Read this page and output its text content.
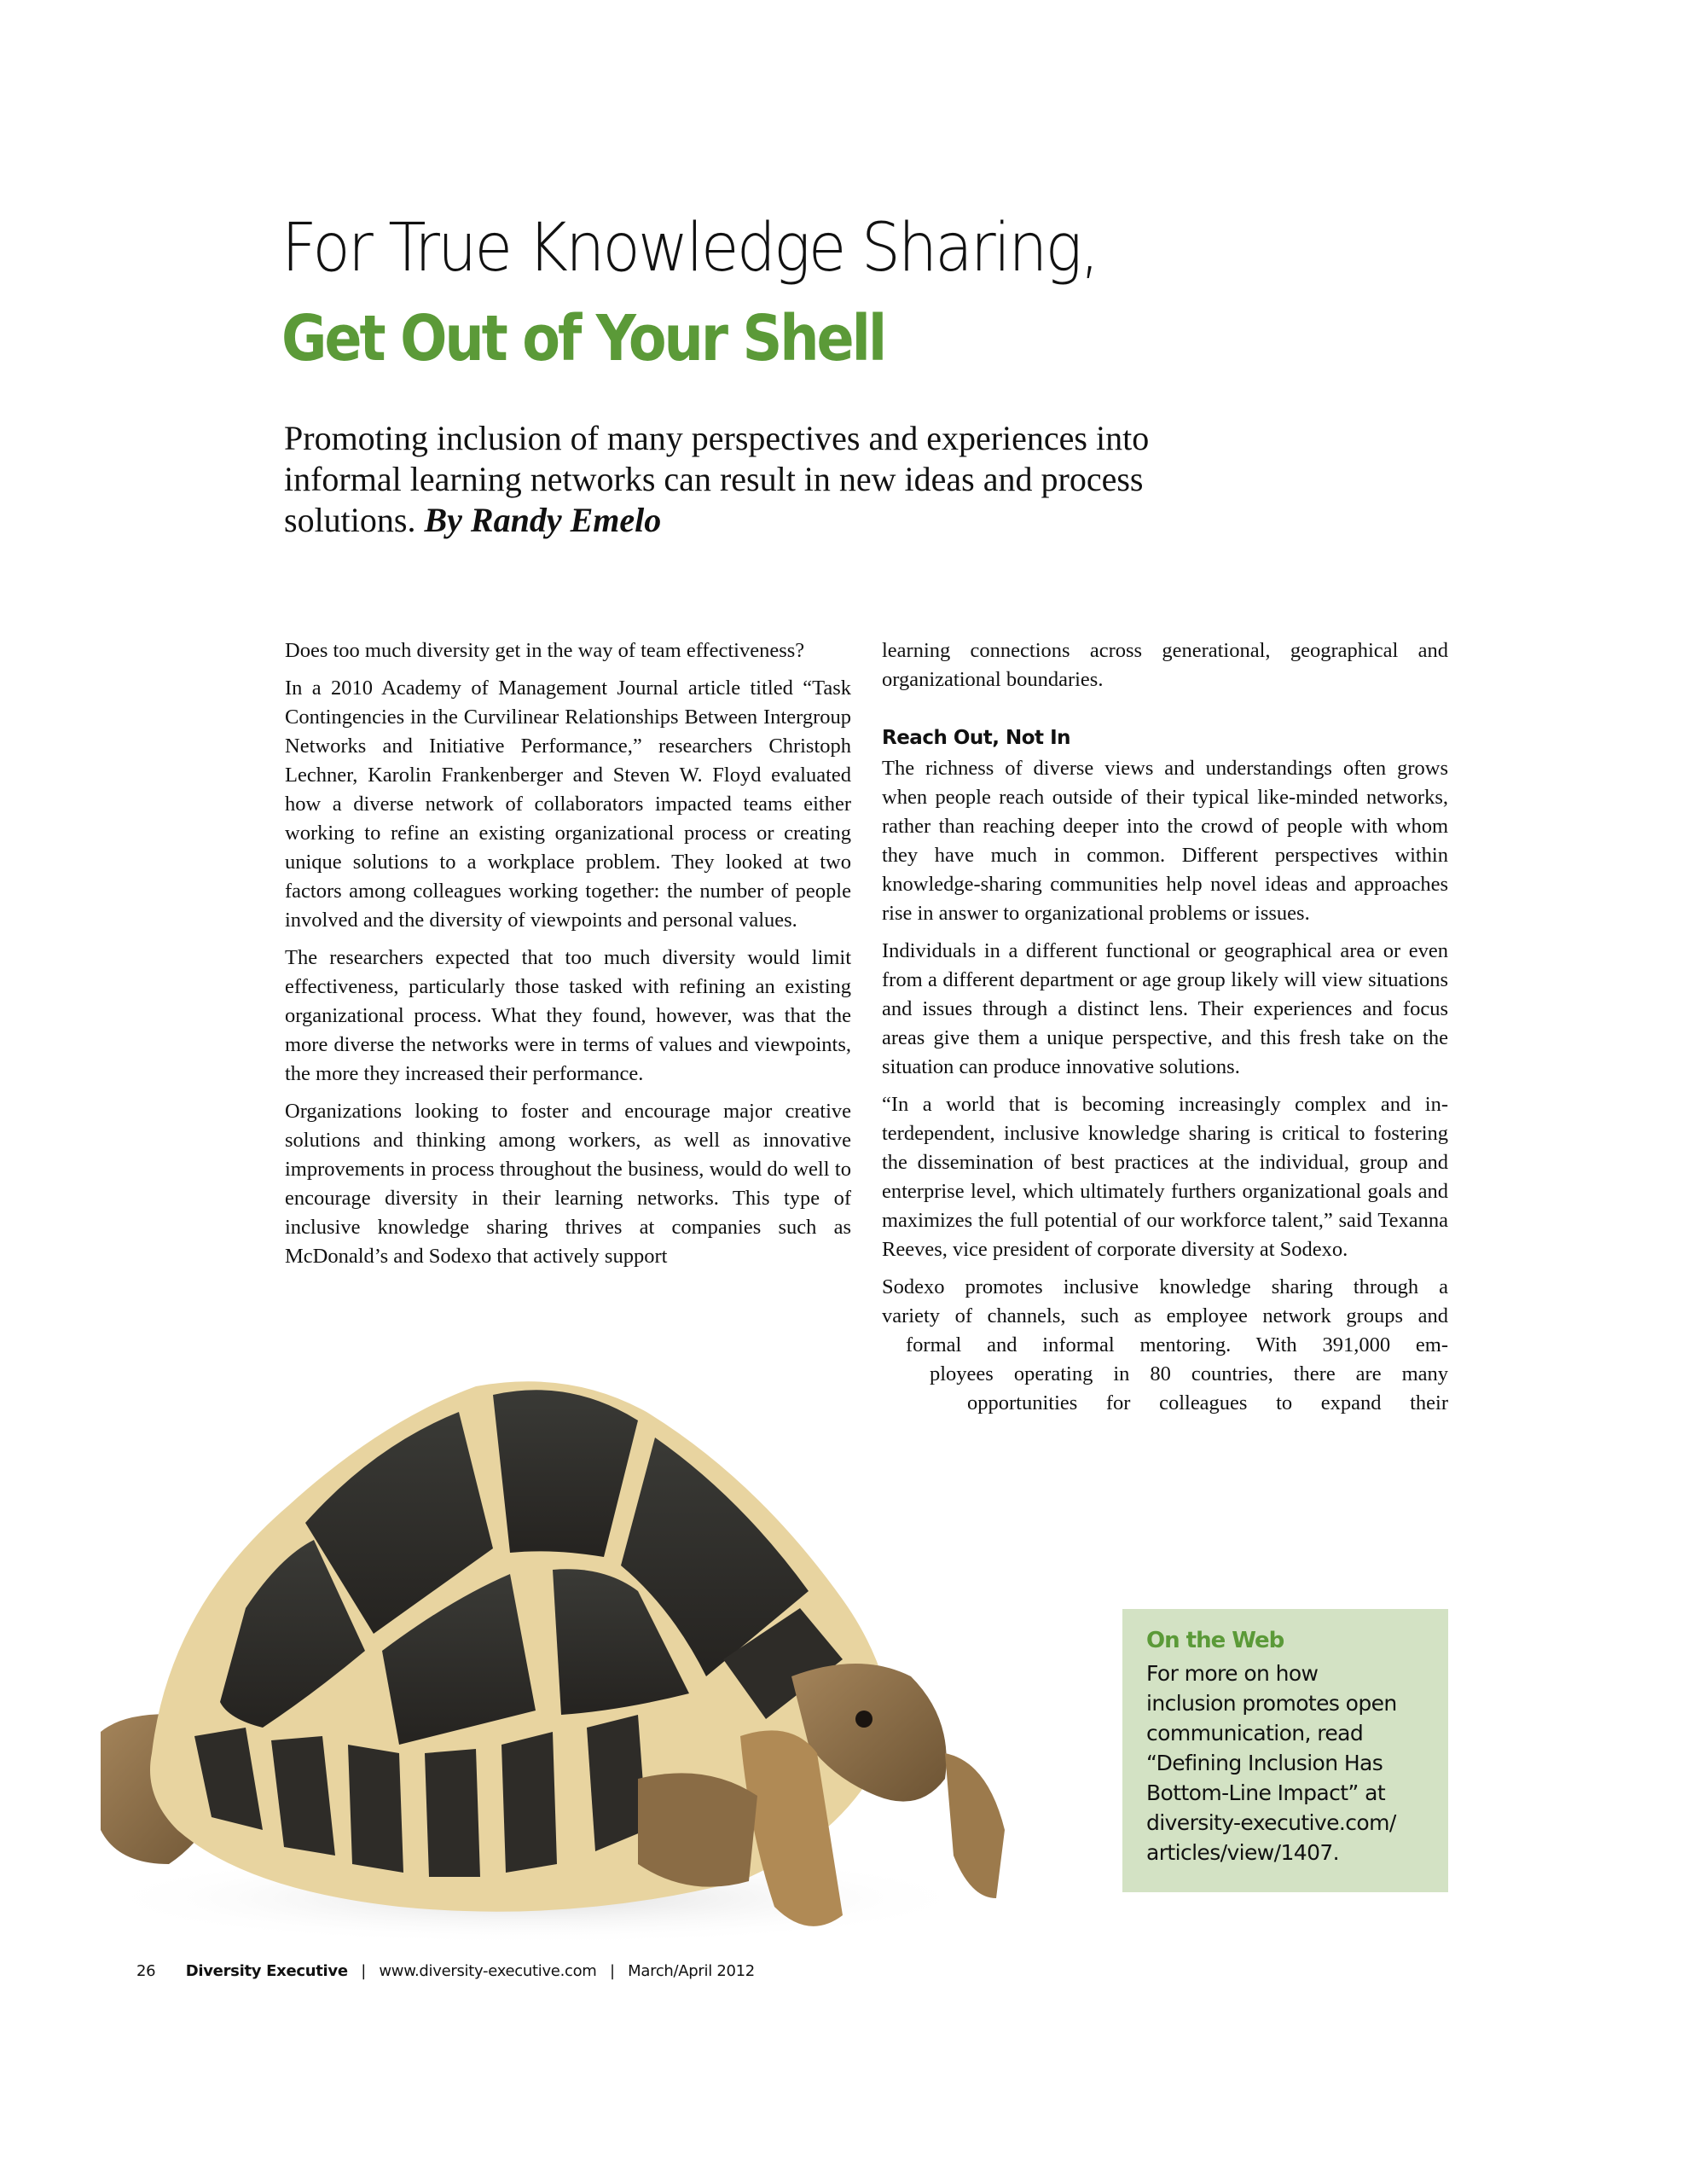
For True Knowledge Sharing,
Get Out of Your Shell
Promoting inclusion of many perspectives and experiences into informal learning networks can result in new ideas and process solutions. By Randy Emelo

Does too much diversity get in the way of team effectiveness?

In a 2010 Academy of Management Journal article titled “Task Contingencies in the Curvilinear Relationships Between Intergroup Networks and Initiative Performance,” researchers Christoph Lechner, Karolin Frankenberger and Steven W. Floyd evaluated how a diverse network of collaborators impacted teams either working to refine an existing organizational process or creating unique solutions to a workplace problem. They looked at two factors among colleagues working together: the number of people involved and the diversity of viewpoints and personal values.

The researchers expected that too much diversity would limit effectiveness, particularly those tasked with refining an existing organizational process. What they found, however, was that the more diverse the networks were in terms of values and viewpoints, the more they increased their performance.

Organizations looking to foster and encourage major creative solutions and thinking among workers, as well as innovative improvements in process throughout the business, would do well to encourage diversity in their learning networks. This type of inclusive knowledge sharing thrives at companies such as McDonald’s and Sodexo that actively support

learning connections across generational, geographical and organizational boundaries.

Reach Out, Not In

The richness of diverse views and understandings often grows when people reach outside of their typical like-minded networks, rather than reaching deeper into the crowd of people with whom they have much in common. Different perspectives within knowledge-sharing communities help novel ideas and approaches rise in answer to organizational problems or issues.

Individuals in a different functional or geographical area or even from a different department or age group likely will view situations and issues through a distinct lens. Their experiences and focus areas give them a unique perspective, and this fresh take on the situation can produce innovative solutions.

“In a world that is becoming increasingly complex and interdependent, inclusive knowledge sharing is critical to fostering the dissemination of best practices at the individual, group and enterprise level, which ultimately furthers organizational goals and maximizes the full potential of our workforce talent,” said Texanna Reeves, vice president of corporate diversity at Sodexo.

Sodexo promotes inclusive knowledge sharing through a
variety of channels, such as employee network groups and
formal and informal mentoring. With 391,000 em-
ployees operating in 80 countries, there are many
opportunities for colleagues to expand their
On the Web
For more on how
inclusion promotes open
communication, read
“Defining Inclusion Has
Bottom-Line Impact” at
diversity-executive.com/
articles/view/1407.
26 Diversity Executive | www.diversity-executive.com | March/April 2012
